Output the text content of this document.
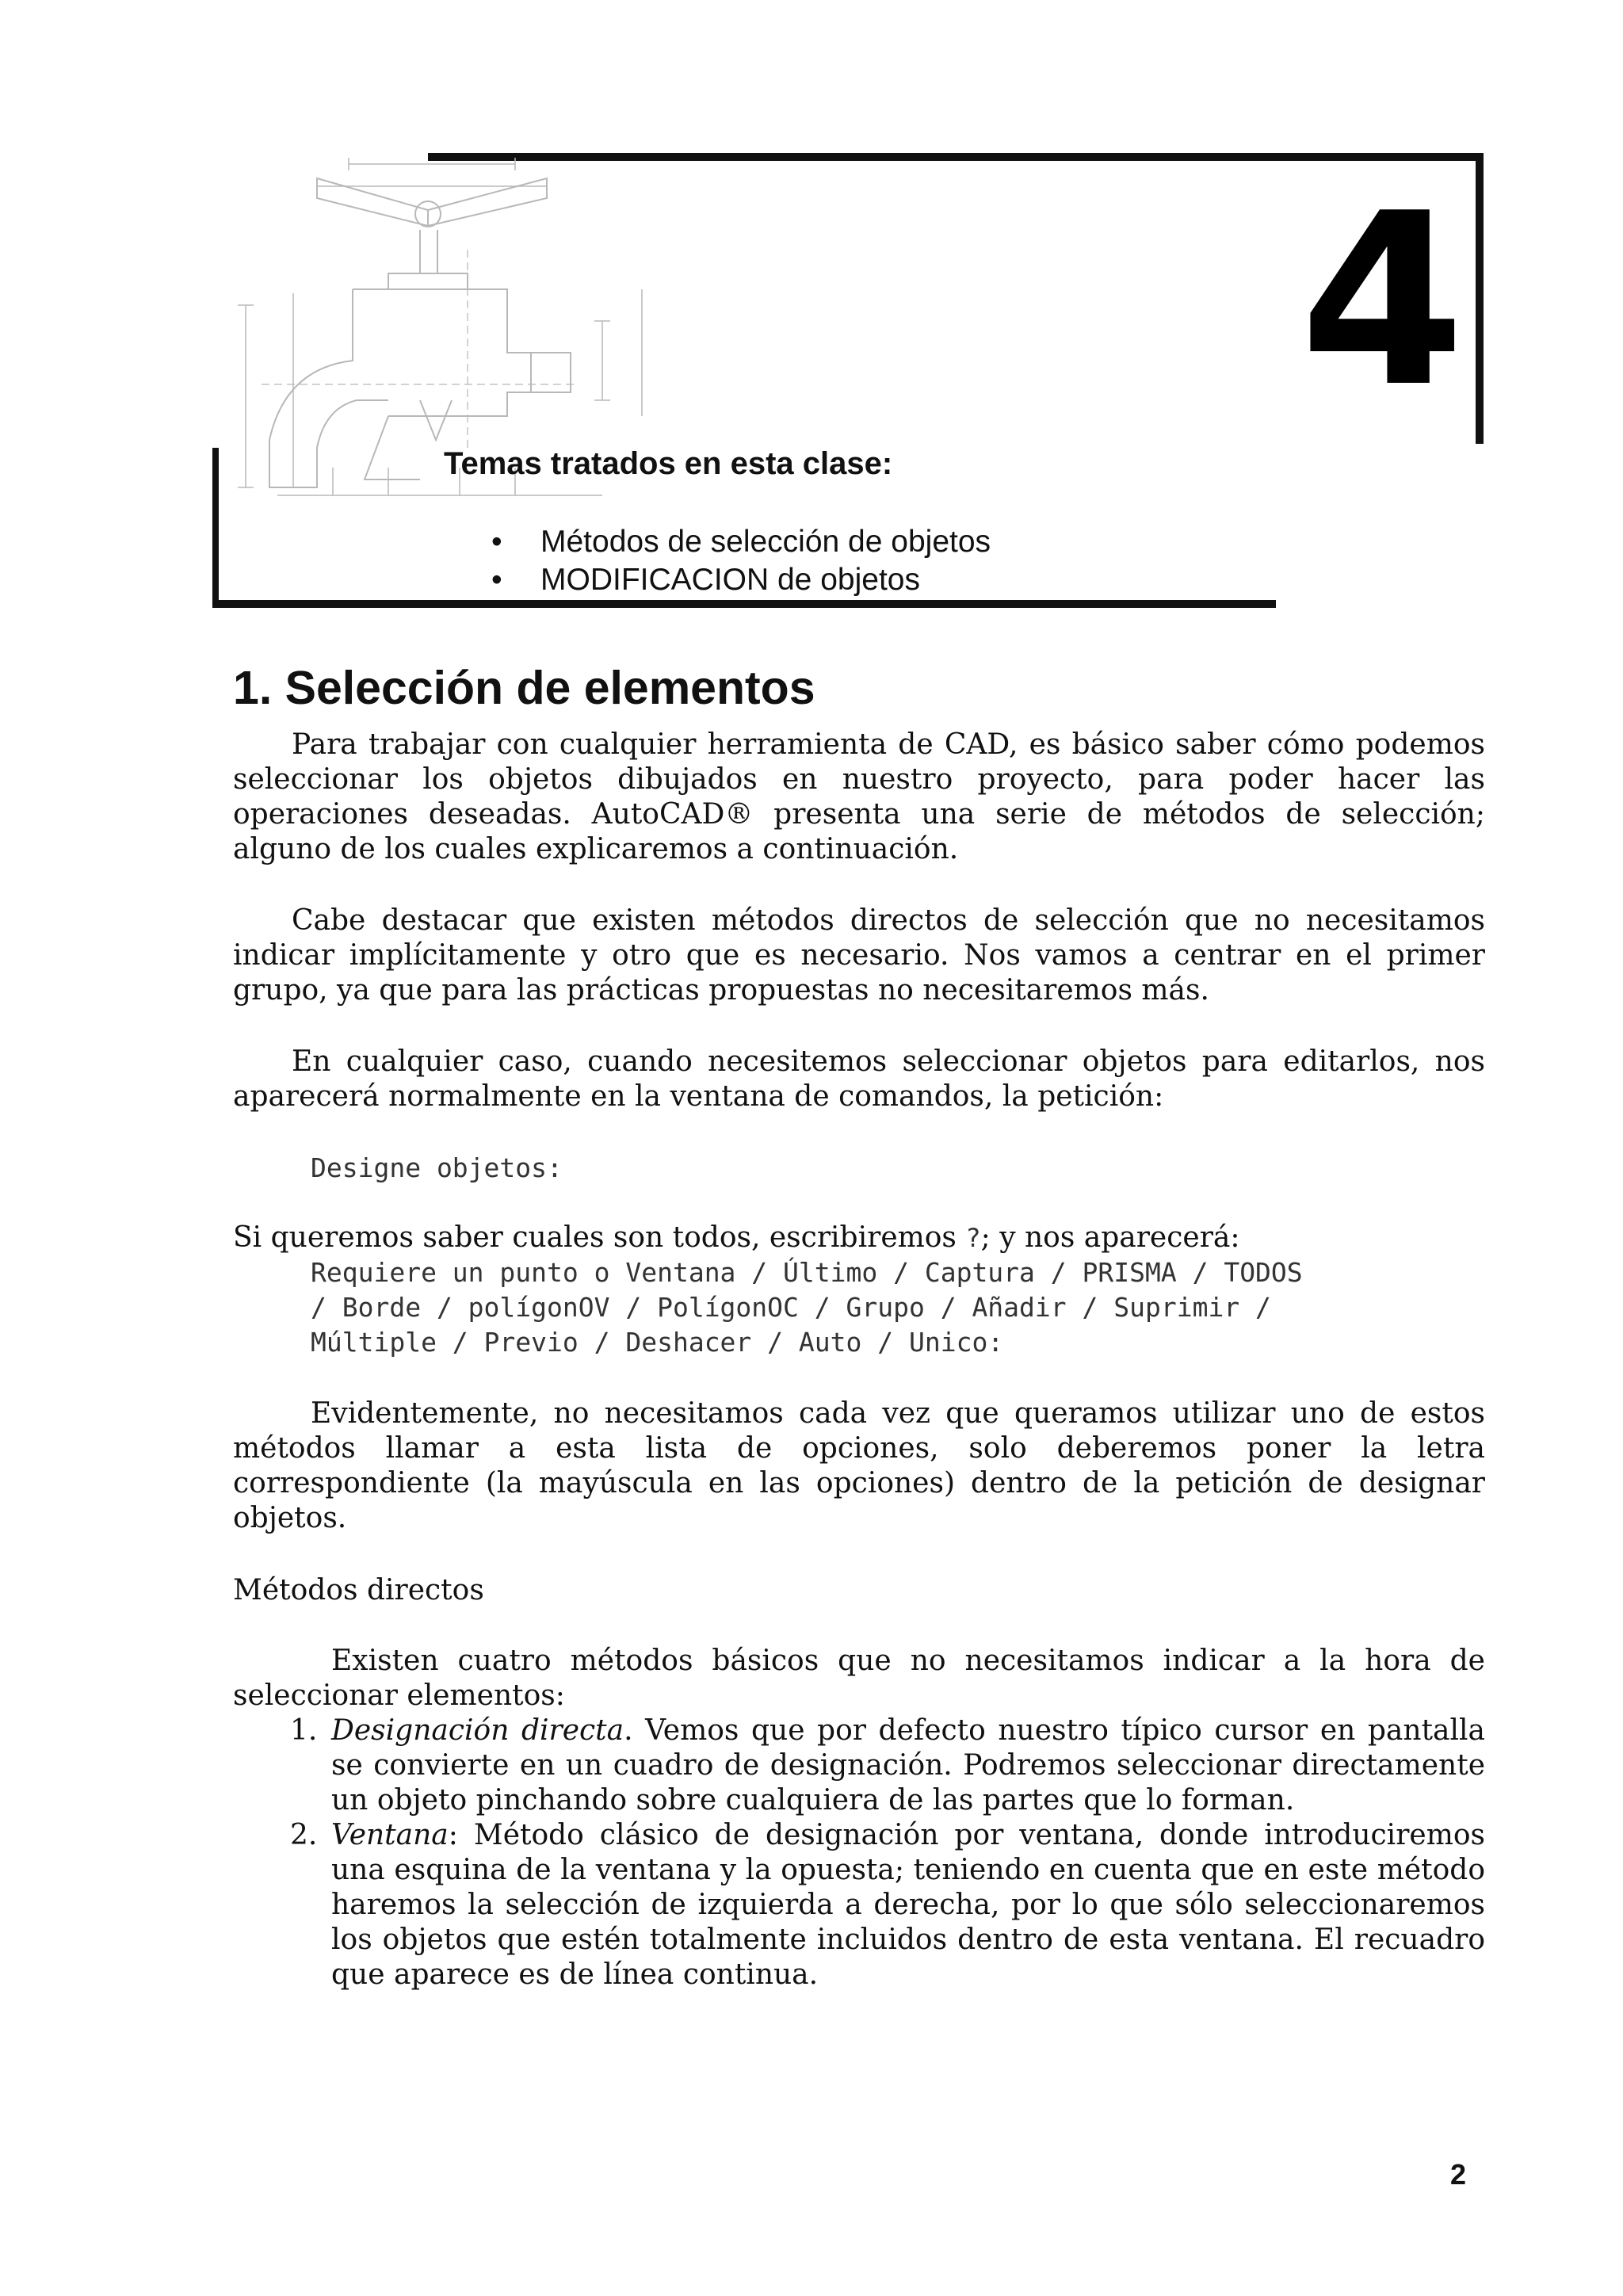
4
Temas tratados en esta clase:
• Métodos de selección de objetos
• MODIFICACION de objetos
1. Selección de elementos

Para trabajar con cualquier herramienta de CAD, es básico saber cómo podemos seleccionar los objetos dibujados en nuestro proyecto, para poder hacer las operaciones deseadas. AutoCAD® presenta una serie de métodos de selección; alguno de los cuales explicaremos a continuación.

Cabe destacar que existen métodos directos de selección que no necesitamos indicar implícitamente y otro que es necesario. Nos vamos a centrar en el primer grupo, ya que para las prácticas propuestas no necesitaremos más.

En cualquier caso, cuando necesitemos seleccionar objetos para editarlos, nos aparecerá normalmente en la ventana de comandos, la petición:

Designe objetos:

Si queremos saber cuales son todos, escribiremos ?; y nos aparecerá:

Requiere un punto o Ventana / Último / Captura / PRISMA / TODOS

/ Borde / polígonOV / PolígonOC / Grupo / Añadir / Suprimir /

Múltiple / Previo / Deshacer / Auto / Unico:

Evidentemente, no necesitamos cada vez que queramos utilizar uno de estos métodos llamar a esta lista de opciones, solo deberemos poner la letra correspondiente (la mayúscula en las opciones) dentro de la petición de designar objetos.

Métodos directos

Existen cuatro métodos básicos que no necesitamos indicar a la hora de seleccionar elementos:

1. Designación directa. Vemos que por defecto nuestro típico cursor en pantalla se convierte en un cuadro de designación. Podremos seleccionar directamente un objeto pinchando sobre cualquiera de las partes que lo forman.
2. Ventana: Método clásico de designación por ventana, donde introduciremos una esquina de la ventana y la opuesta; teniendo en cuenta que en este método haremos la selección de izquierda a derecha, por lo que sólo seleccionaremos los objetos que estén totalmente incluidos dentro de esta ventana. El recuadro que aparece es de línea continua.
2
